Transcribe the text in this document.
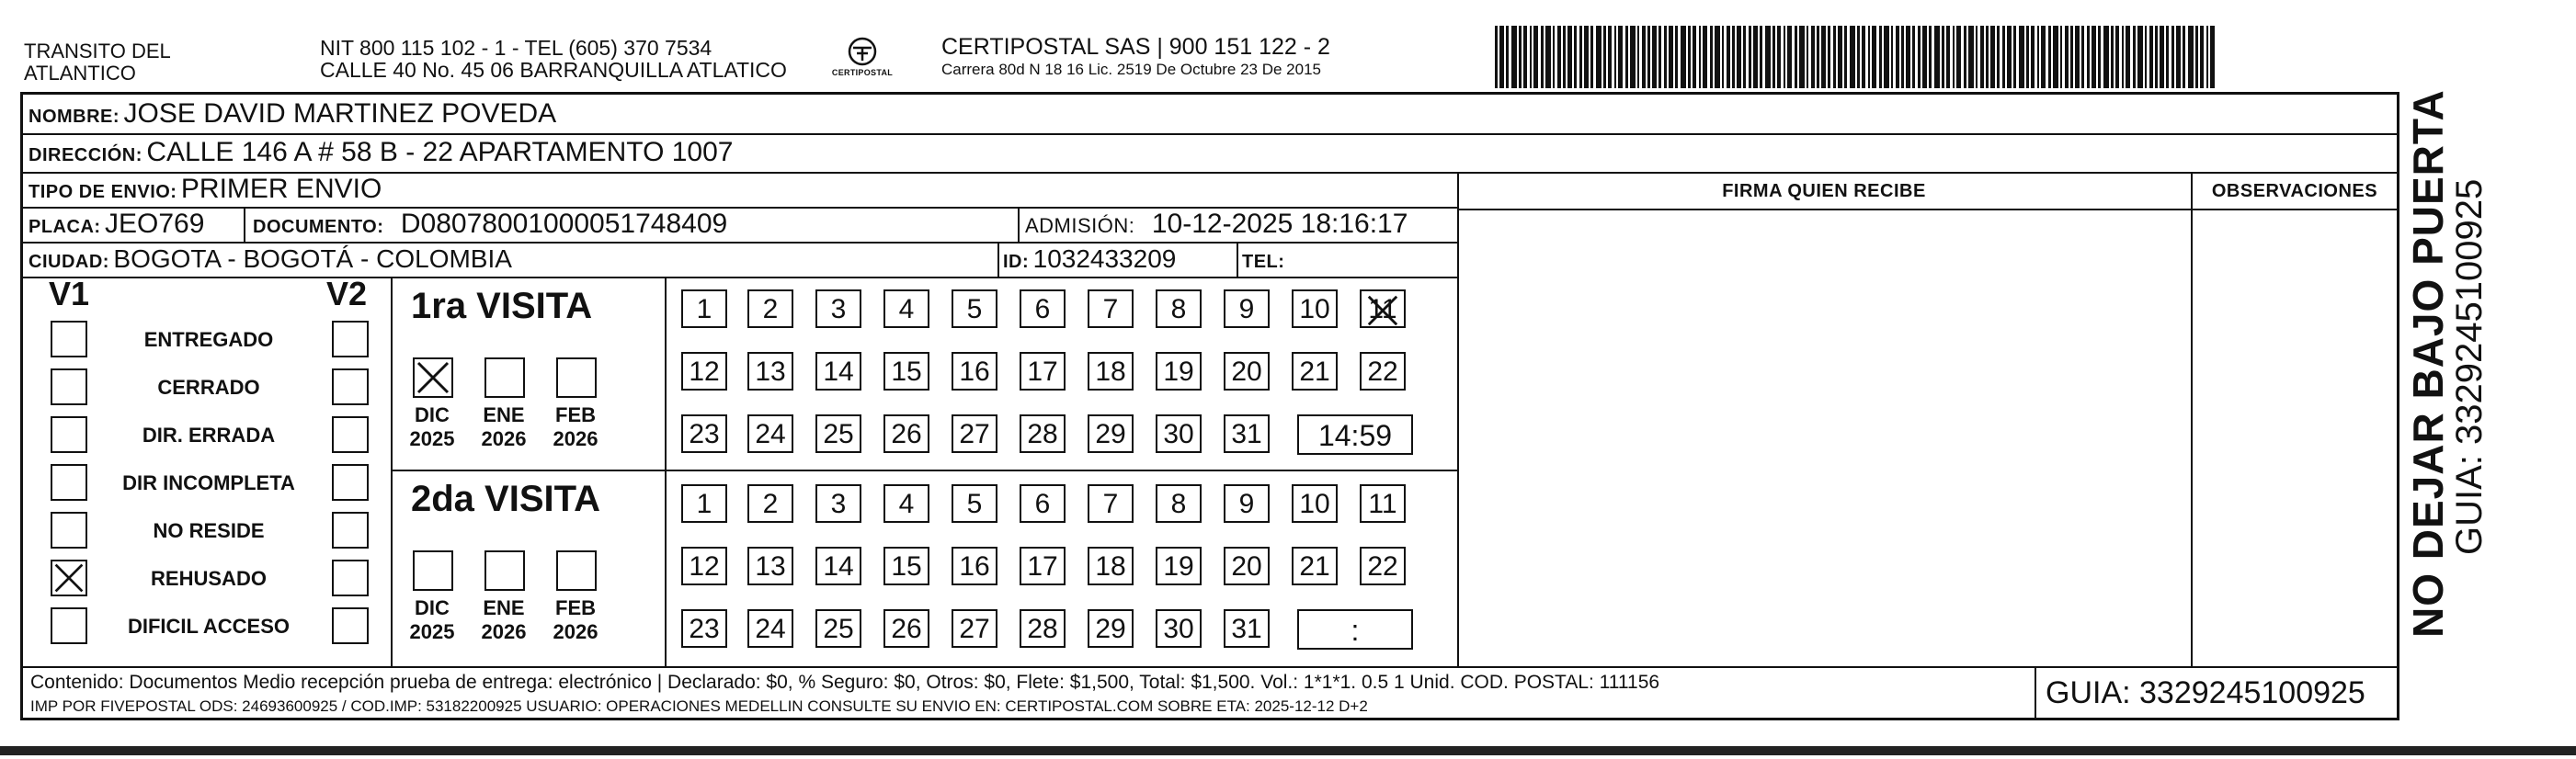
TRANSITO DEL
ATLANTICO
NIT 800 115 102 - 1 - TEL (605) 370 7534
CALLE 40 No. 45 06 BARRANQUILLA ATLATICO	CERTIPOSTAL
CERTIPOSTAL SAS | 900 151 122 - 2
Carrera 80d N 18 16 Lic. 2519 De Octubre 23 De 2015
NOMBRE: JOSE DAVID MARTINEZ POVEDA
DIRECCIÓN: CALLE 146 A # 58 B - 22 APARTAMENTO 1007
TIPO DE ENVIO: PRIMER ENVIO	FIRMA QUIEN RECIBE	OBSERVACIONES
PLACA: JEO769	DOCUMENTO: D08078001000051748409	ADMISIÓN: 10-12-2025 18:16:17
CIUDAD: BOGOTA - BOGOTÁ - COLOMBIA	ID: 1032433209	TEL:
V1	V2 1ra VISITA
2da VISITA
Contenido: Documentos Medio recepción prueba de entrega: electrónico | Declarado: $0, % Seguro: $0, Otros: $0, Flete: $1,500, Total: $1,500. Vol.: 1*1*1. 0.5 1 Unid. COD. POSTAL: 111156
IMP POR FIVEPOSTAL ODS: 24693600925 / COD.IMP: 53182200925 USUARIO: OPERACIONES MEDELLIN CONSULTE SU ENVIO EN: CERTIPOSTAL.COM SOBRE ETA: 2025-12-12 D+2	GUIA: 3329245100925
ENTREGADO
CERRADO
DIR. ERRADA
DIR INCOMPLETA
NO RESIDE
REHUSADO
DIFICIL ACCESO
DIC
2025
ENE
2026
FEB
2026
DIC
2025
ENE
2026
FEB
2026
1	2	3	4	5	6	7	8	9	10	11
12 13 14 15 16 17 18 19 20 21 22
23 24 25 26 27 28 29 30 31	14:59
1	2	3	4	5	6	7	8	9	10	11
12 13 14 15 16 17 18 19 20 21 22
23 24 25 26 27 28 29 30 31	:	NO DEJAR BAJO PUERTA
GUIA: 3329245100925
